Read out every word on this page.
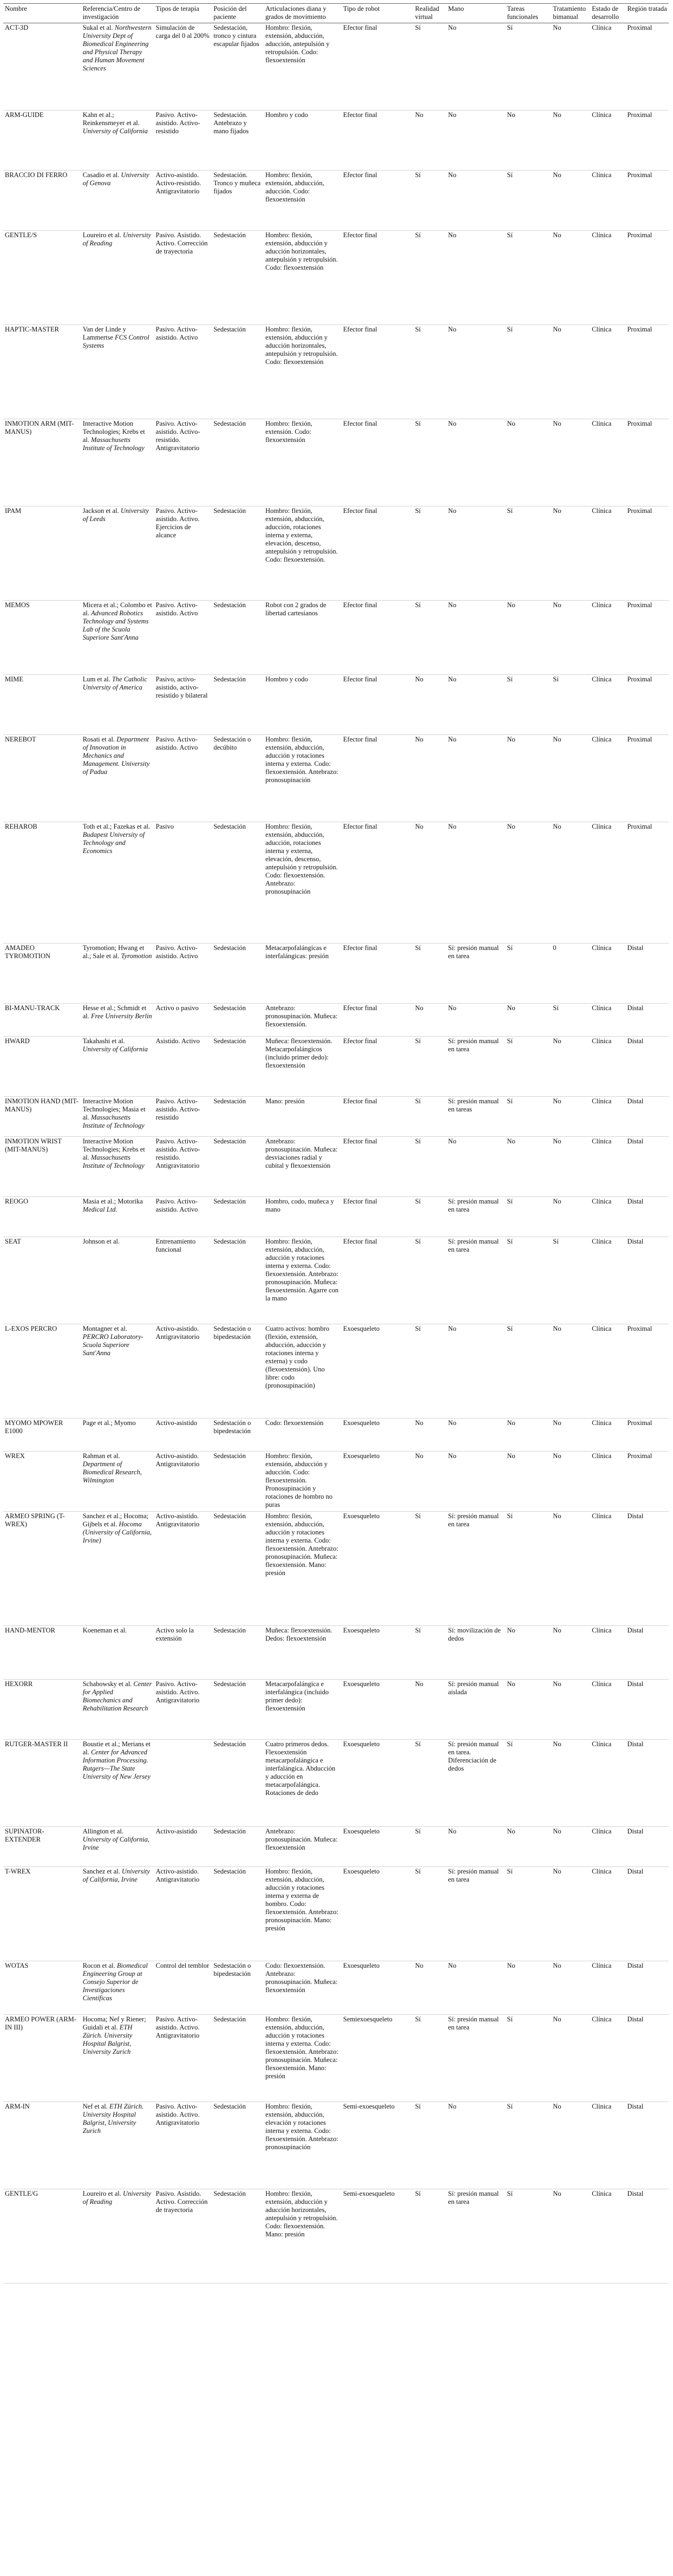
Nombre	Referencia/Centro de investigación	Tipos de terapia	Posición del paciente	Articulaciones diana y grados de movimiento	Tipo de robot	Realidad virtual	Mano	Tareas funcionales	Tratamiento bimanual	Estado de desarrollo	Región tratada
ACT-3D	Sukal et al. Northwestern University Dept of Biomedical Engineering and Physical Therapy and Human Movement Sciences	Simulación de carga del 0 al 200%	Sedestación, tronco y cintura escapular fijados	Hombro: flexión, extensión, abducción, aducción, antepulsión y retropulsión. Codo: flexoextensión	Efector final	Sí	No	Sí	No	Clínica	Proximal
ARM-GUIDE	Kahn et al.; Reinkensmeyer et al. University of California	Pasivo. Activo-asistido. Activo-resistido	Sedestación. Antebrazo y mano fijados	Hombro y codo	Efector final	No	No	No	No	Clínica	Proximal
BRACCIO DI FERRO	Casadio et al. University of Genova	Activo-asistido. Activo-resistido. Antigravitatorio	Sedestación. Tronco y muñeca fijados	Hombro: flexión, extensión, abducción, aducción. Codo: flexoextensión	Efector final	Sí	No	Sí	No	Clínica	Proximal
GENTLE/S	Loureiro et al. University of Reading	Pasivo. Asistido. Activo. Corrección de trayectoria	Sedestación	Hombro: flexión, extensión, abducción y aducción horizontales, antepulsión y retropulsión. Codo: flexoextensión	Efector final	Sí	No	Sí	No	Clínica	Proximal
HAPTIC-MASTER	Van der Linde y Lammertse FCS Control Systems	Pasivo. Activo-asistido. Activo	Sedestación	Hombro: flexión, extensión, abducción y aducción horizontales, antepulsión y retropulsión. Codo: flexoextensión	Efector final	Sí	No	Sí	No	Clínica	Proximal
INMOTION ARM (MIT-MANUS)	Interactive Motion Technologies; Krebs et al. Massachusetts Institute of Technology	Pasivo. Activo-asistido. Activo-resistido. Antigravitatorio	Sedestación	Hombro: flexión, extensión. Codo: flexoextensión	Efector final	Sí	No	No	No	Clínica	Proximal
IPAM	Jackson et al. University of Leeds	Pasivo. Activo-asistido. Activo. Ejercicios de alcance	Sedestación	Hombro: flexión, extensión, abducción, aducción, rotaciones interna y externa, elevación, descenso, antepulsión y retropulsión. Codo: flexoextensión.	Efector final	Sí	No	Sí	No	Clínica	Proximal
MEMOS	Micera et al.; Colombo et al. Advanced Robotics Technology and Systems Lab of the Scuola Superiore Sant'Anna	Pasivo. Activo-asistido. Activo	Sedestación	Robot con 2 grados de libertad cartesianos	Efector final	Sí	No	No	No	Clínica	Proximal
MIME	Lum et al. The Catholic University of America	Pasivo, activo-asistido, activo-resistido y bilateral	Sedestación	Hombro y codo	Efector final	No	No	Sí	Sí	Clínica	Proximal
NEREBOT	Rosati et al. Department of Innovation in Mechanics and Management. University of Padua	Pasivo. Activo-asistido. Activo	Sedestación o decúbito	Hombro: flexión, extensión, abducción, aducción y rotaciones interna y externa. Codo: flexoextensión. Antebrazo: pronosupinación	Efector final	No	No	No	No	Clínica	Proximal
REHAROB	Toth et al.; Fazekas et al. Budapest University of Technology and Economics	Pasivo	Sedestación	Hombro: flexión, extensión, abducción, aducción, rotaciones interna y externa, elevación, descenso, antepulsión y retropulsión. Codo: flexoextensión. Antebrazo: pronosupinación	Efector final	No	No	No	No	Clínica	Proximal
AMADEO TYROMOTION	Tyromotion; Hwang et al.; Sale et al. Tyromotion	Pasivo. Activo-asistido. Activo	Sedestación	Metacarpofalángicas e interfalángicas: presión	Efector final	Sí	Sí: presión manual en tarea	Sí	0	Clínica	Distal
BI-MANU-TRACK	Hesse et al.; Schmidt et al. Free University Berlin	Activo o pasivo	Sedestación	Antebrazo: pronosupinación. Muñeca: flexoextensión.	Efector final	No	No	No	Sí	Clínica	Distal
HWARD	Takahashi et al. University of California	Asistido. Activo	Sedestación	Muñeca: flexoextensión. Metacarpofalángicos (incluido primer dedo): flexoextensión	Efector final	Sí	Sí: presión manual en tarea	Sí	No	Clínica	Distal
INMOTION HAND (MIT-MANUS)	Interactive Motion Technologies; Masia et al. Massachusetts Institute of Technology	Pasivo. Activo-asistido. Activo-resistido	Sedestación	Mano: presión	Efector final	Sí	Sí: presión manual en tareas	Sí	No	Clínica	Distal
INMOTION WRIST (MIT-MANUS)	Interactive Motion Technologies; Krebs et al. Massachusetts Institute of Technology	Pasivo. Activo-asistido. Activo-resistido. Antigravitatorio	Sedestación	Antebrazo: pronosupinación. Muñeca: desviaciones radial y cubital y flexoextensión	Efector final	Sí	No	No	No	Clínica	Distal
REOGO	Masia et al.; Motorika Medical Ltd.	Pasivo. Activo-asistido. Activo	Sedestación	Hombro, codo, muñeca y mano	Efector final	Sí	Sí: presión manual en tarea	Sí	No	Clínica	Distal
SEAT	Johnson et al.	Entrenamiento funcional	Sedestación	Hombro: flexión, extensión, abducción, aducción y rotaciones interna y externa. Codo: flexoextensión. Antebrazo: pronosupinación. Muñeca: flexoextensión. Agarre con la mano	Efector final	Sí	Sí: presión manual en tarea	Sí	Sí	Clínica	Distal
L-EXOS PERCRO	Montagner et al. PERCRO Laboratory-Scuola Superiore Sant'Anna	Activo-asistido. Antigravitatorio	Sedestación o bipedestación	Cuatro activos: hombro (flexión, extensión, abducción, aducción y rotaciones interna y externa) y codo (flexoextensión). Uno libre: codo (pronosupinación)	Exoesqueleto	Sí	No	Sí	No	Clínica	Proximal
MYOMO MPOWER E1000	Page et al.; Myomo	Activo-asistido	Sedestación o bipedestación	Codo: flexoextensión	Exoesqueleto	No	No	No	No	Clínica	Proximal
WREX	Rahman et al. Department of Biomedical Research, Wilmington	Activo-asistido. Antigravitatorio	Sedestación	Hombro: flexión, extensión, abducción y aducción. Codo: flexoextensión. Pronosupinación y rotaciones de hombro no puras	Exoesqueleto	No	No	No	No	Clínica	Proximal
ARMEO SPRING (T-WREX)	Sanchez et al.; Hocoma; Gijbels et al. Hocoma (University of California, Irvine)	Activo-asistido. Antigravitatorio	Sedestación	Hombro: flexión, extensión, abducción, aducción y rotaciones interna y externa. Codo: flexoextensión. Antebrazo: pronosupinación. Muñeca: flexoextensión. Mano: presión	Exoesqueleto	Sí	Sí: presión manual en tarea	Sí	No	Clínica	Distal
HAND-MENTOR	Koeneman et al.	Activo solo la extensión	Sedestación	Muñeca: flexoextensión. Dedos: flexoextensión	Exoesqueleto	Sí	Sí: movilización de dedos	No	No	Clínica	Distal
HEXORR	Schabowsky et al. Center for Applied Biomechanics and Rehabilitation Research	Pasivo. Activo-asistido. Activo. Antigravitatorio	Sedestación	Metacarpofalángica e interfalángica (incluido primer dedo): flexoextensión	Exoesqueleto	No	Sí: presión manual aislada	No	No	Clínica	Distal
RUTGER-MASTER II	Boustie et al.; Merians et al. Center for Advanced Information Processing. Rutgers—The State University of New Jersey		Sedestación	Cuatro primeros dedos. Flexoextensión metacarpofalángica e interfalángica. Abducción y aducción en metacarpofalángica. Rotaciones de dedo	Exoesqueleto	Sí	Sí: presión manual en tarea. Diferenciación de dedos	Sí	No	Clínica	Distal
SUPINATOR-EXTENDER	Allington et al. University of California, Irvine	Activo-asistido	Sedestación	Antebrazo: pronosupinación. Muñeca: flexoextensión	Exoesqueleto	Sí	No	No	No	Clínica	Distal
T-WREX	Sanchez et al. University of California, Irvine	Activo-asistido. Antigravitatorio	Sedestación	Hombro: flexión, extensión, abducción, aducción y rotaciones interna y externa de hombro. Codo: flexoextensión. Antebrazo: pronosupinación. Mano: presión	Exoesqueleto	Sí	Sí: presión manual en tarea	Sí	No	Clínica	Distal
WOTAS	Rocon et al. Biomedical Engineering Group at Consejo Superior de Investigaciones Científicas	Control del temblor	Sedestación o bipedestación	Codo: flexoextensión. Antebrazo: pronosupinación. Muñeca: flexoextensión	Exoesqueleto	No	No	No	No	Clínica	Distal
ARMEO POWER (ARM-IN III)	Hocoma; Nef y Riener; Guidali et al. ETH Zürich. University Hospital Balgrist, University Zurich	Pasivo. Activo-asistido. Activo. Antigravitatorio	Sedestación	Hombro: flexión, extensión, abducción, aducción y rotaciones interna y externa. Codo: flexoextensión. Antebrazo: pronosupinación. Muñeca: flexoextensión. Mano: presión	Semiexoesqueleto	Sí	Sí: presión manual en tarea	Sí	No	Clínica	Distal
ARM-IN	Nef et al. ETH Zürich. University Hospital Balgrist, University Zurich	Pasivo. Activo-asistido. Activo. Antigravitatorio	Sedestación	Hombro: flexión, extensión, abducción, elevación y rotaciones interna y externa. Codo: flexoextensión. Antebrazo: pronosupinación	Semi-exoesqueleto	Sí	No	Sí	No	Clínica	Distal
GENTLE/G	Loureiro et al. University of Reading	Pasivo. Asistido. Activo. Corrección de trayectoria	Sedestación	Hombro: flexión, extensión, abducción y aducción horizontales, antepulsión y retropulsión. Codo: flexoextensión. Mano: presión	Semi-exoesqueleto	Sí	Sí: presión manual en tarea	Sí	No	Clínica	Distal
